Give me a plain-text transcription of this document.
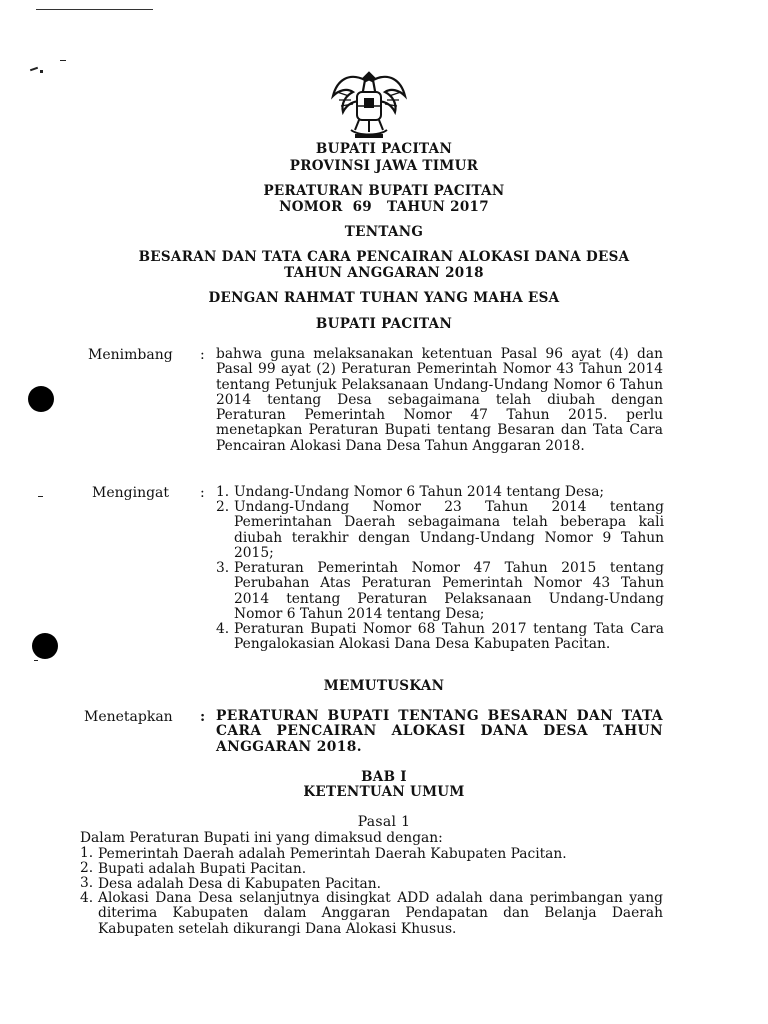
BUPATI PACITAN
PROVINSI JAWA TIMUR
PERATURAN BUPATI PACITAN
NOMOR  69   TAHUN 2017
TENTANG
BESARAN DAN TATA CARA PENCAIRAN ALOKASI DANA DESA
TAHUN ANGGARAN 2018
DENGAN RAHMAT TUHAN YANG MAHA ESA
BUPATI PACITAN
Menimbang : bahwa guna melaksanakan ketentuan Pasal 96 ayat (4) dan Pasal 99 ayat (2) Peraturan Pemerintah Nomor 43 Tahun 2014 tentang Petunjuk Pelaksanaan Undang-Undang Nomor 6 Tahun 2014 tentang Desa sebagaimana telah diubah dengan Peraturan Pemerintah Nomor 47 Tahun 2015. perlu menetapkan Peraturan Bupati tentang Besaran dan Tata Cara Pencairan Alokasi Dana Desa Tahun Anggaran 2018.
Mengingat : 1. Undang-Undang Nomor 6 Tahun 2014 tentang Desa;
2. Undang-Undang Nomor 23 Tahun 2014 tentang Pemerintahan Daerah sebagaimana telah beberapa kali diubah terakhir dengan Undang-Undang Nomor 9 Tahun 2015;
3. Peraturan Pemerintah Nomor 47 Tahun 2015 tentang Perubahan Atas Peraturan Pemerintah Nomor 43 Tahun 2014 tentang Peraturan Pelaksanaan Undang-Undang Nomor 6 Tahun 2014 tentang Desa;
4. Peraturan Bupati Nomor 68 Tahun 2017 tentang Tata Cara Pengalokasian Alokasi Dana Desa Kabupaten Pacitan.
MEMUTUSKAN
Menetapkan : PERATURAN BUPATI TENTANG BESARAN DAN TATA CARA PENCAIRAN ALOKASI DANA DESA TAHUN ANGGARAN 2018.
BAB I
KETENTUAN UMUM
Pasal 1
Dalam Peraturan Bupati ini yang dimaksud dengan:
1. Pemerintah Daerah adalah Pemerintah Daerah Kabupaten Pacitan.
2. Bupati adalah Bupati Pacitan.
3. Desa adalah Desa di Kabupaten Pacitan.
4. Alokasi Dana Desa selanjutnya disingkat ADD adalah dana perimbangan yang diterima Kabupaten dalam Anggaran Pendapatan dan Belanja Daerah Kabupaten setelah dikurangi Dana Alokasi Khusus.
